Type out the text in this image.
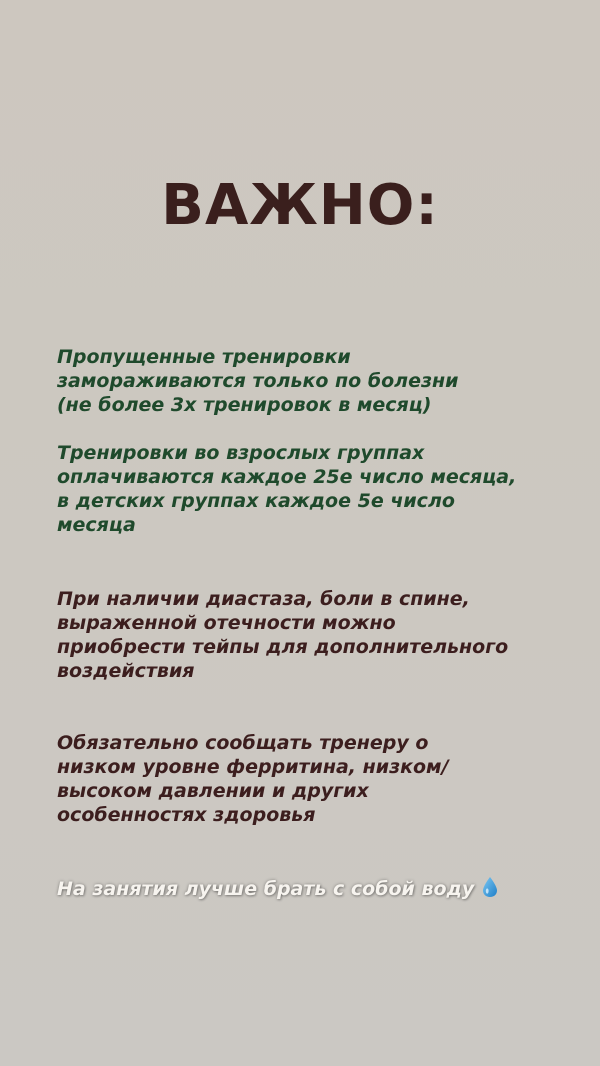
ВАЖНО:
Пропущенные тренировки
замораживаются только по болезни
(не более 3х тренировок в месяц)
Тренировки во взрослых группах
оплачиваются каждое 25е число месяца,
в детских группах каждое 5е число
месяца
При наличии диастаза, боли в спине,
выраженной отечности можно
приобрести тейпы для дополнительного
воздействия
Обязательно сообщать тренеру о
низком уровне ферритина, низком/
высоком давлении и других
особенностях здоровья
На занятия лучше брать с собой воду
